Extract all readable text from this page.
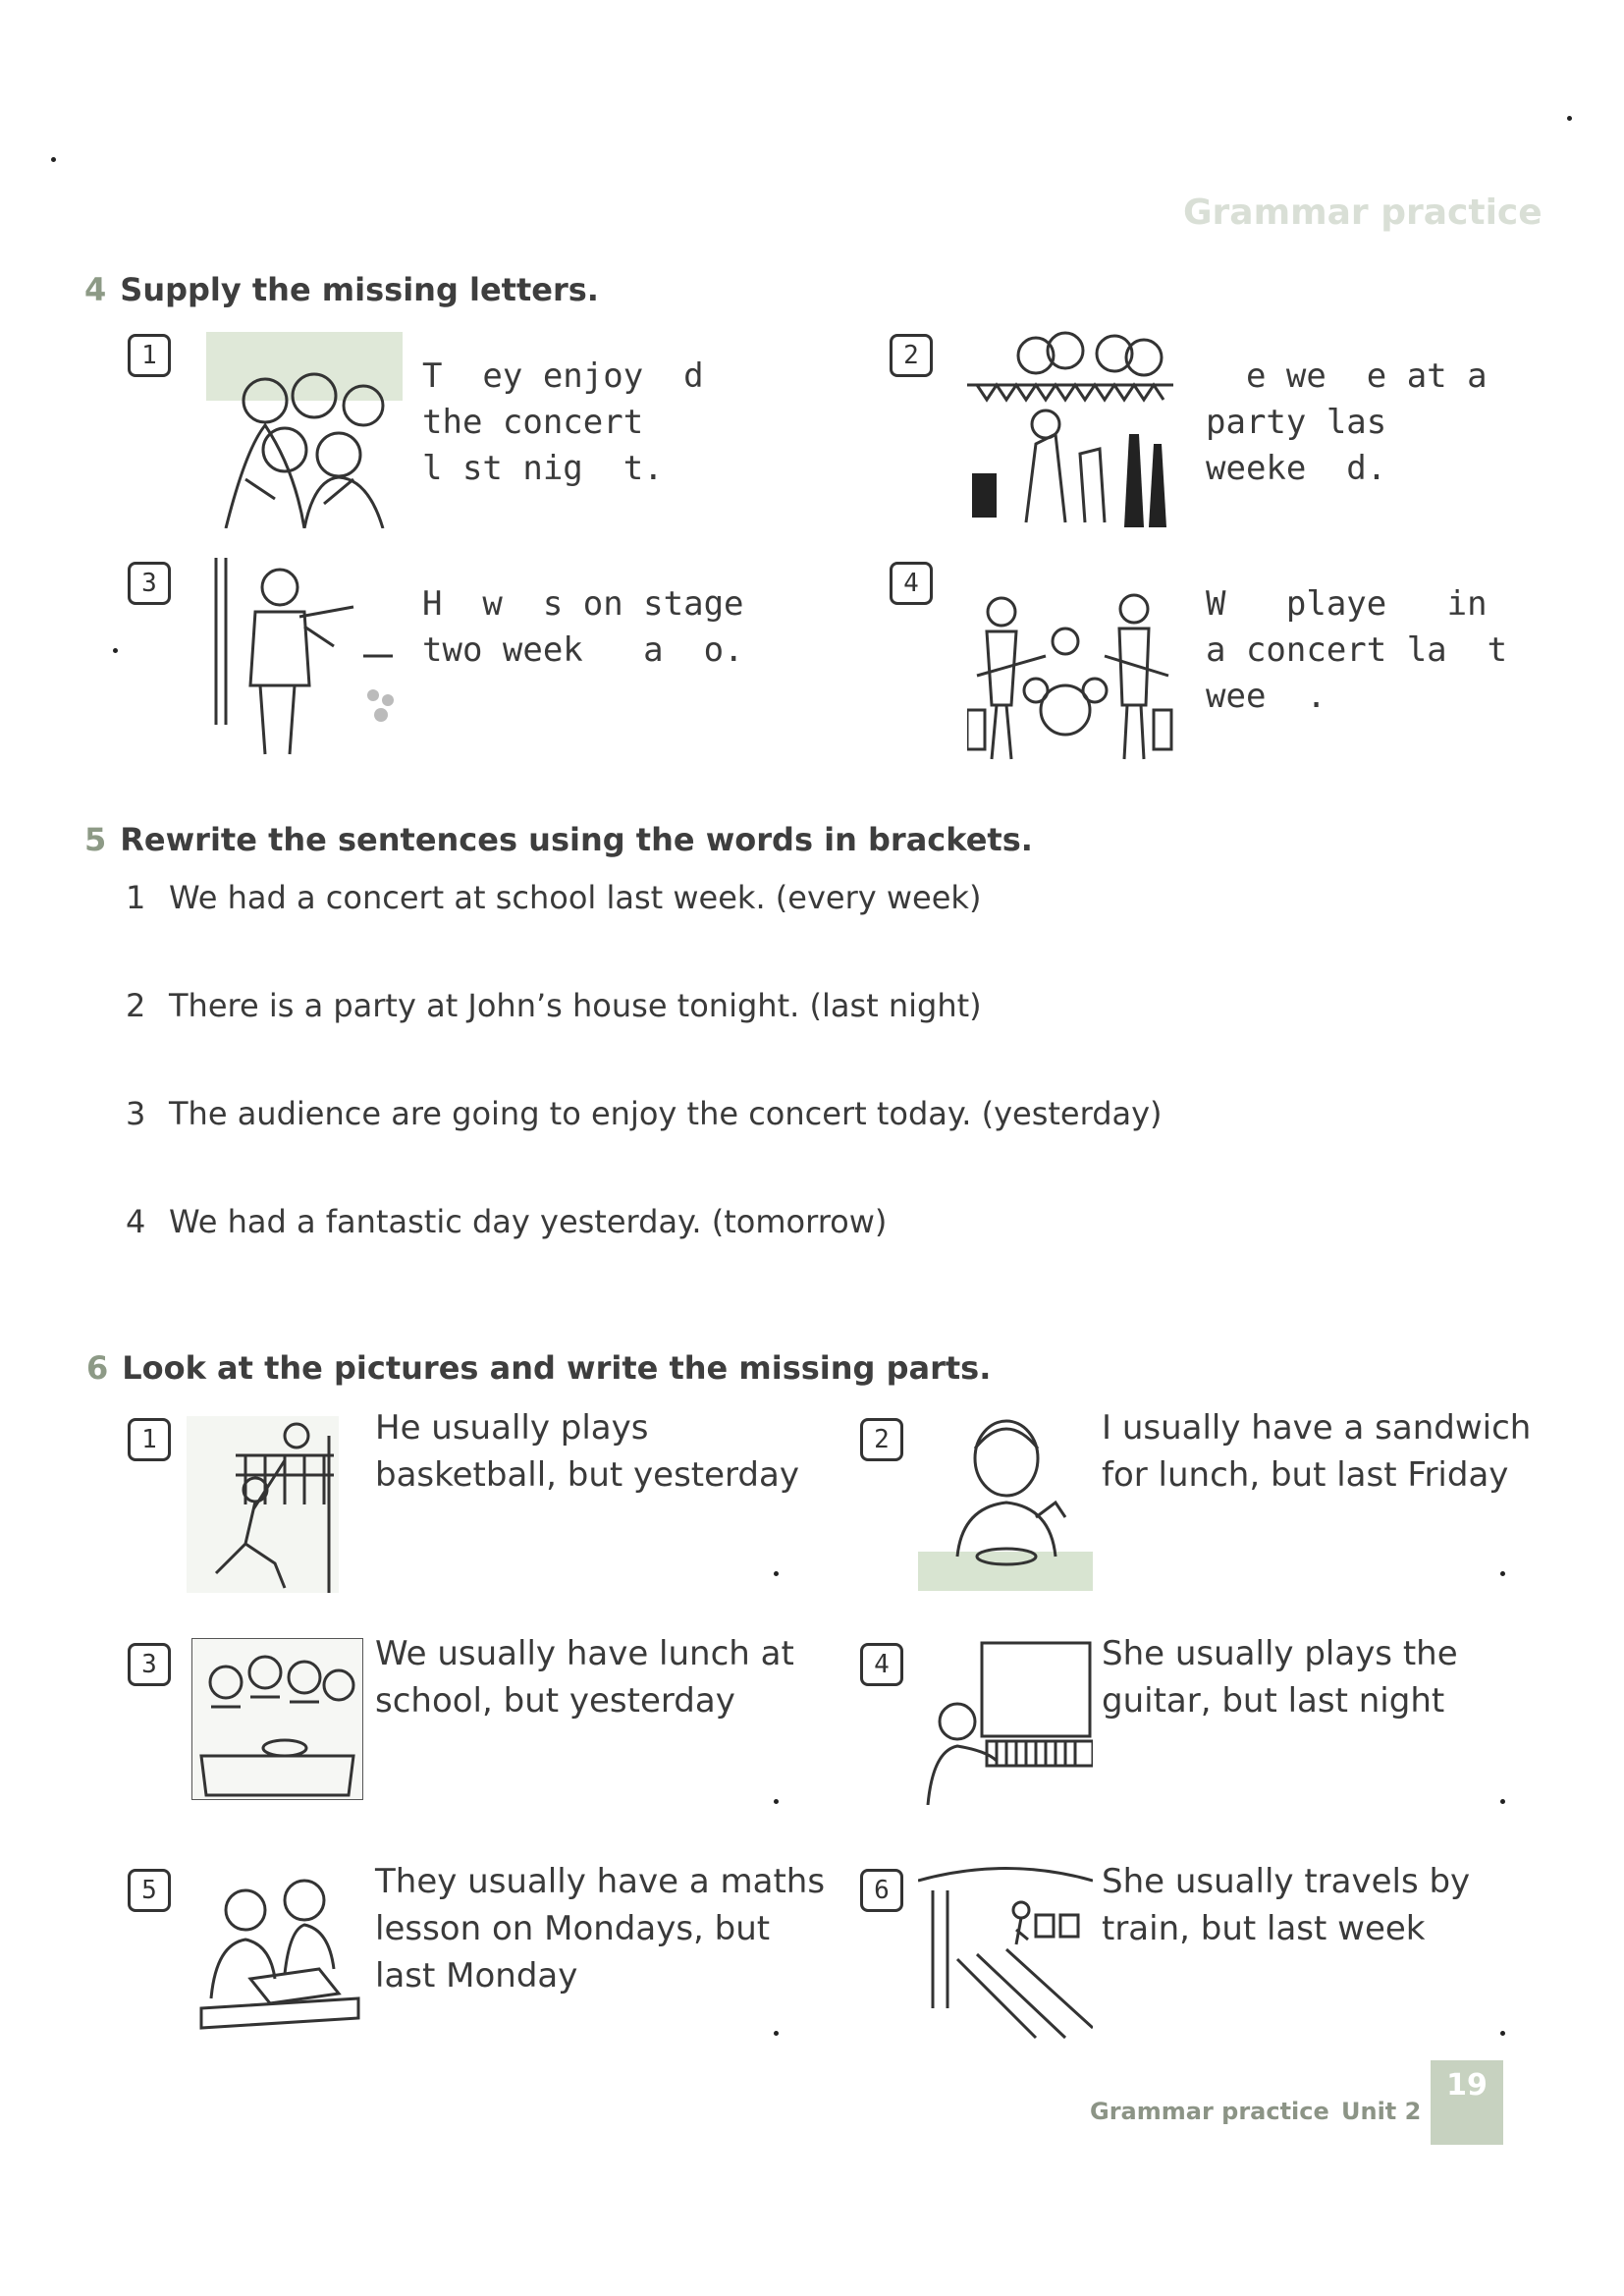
Grammar practice
4 Supply the missing letters.
1
T  ey enjoy  d
the concert
l st nig  t.
2
e we  e at a
party las
weeke  d.
3
H  w  s on stage
two week   a  o.
4
W   playe   in
a concert la  t
wee  .
5 Rewrite the sentences using the words in brackets.
1 We had a concert at school last week. (every week)
2 There is a party at John’s house tonight. (last night)
3 The audience are going to enjoy the concert today. (yesterday)
4 We had a fantastic day yesterday. (tomorrow)
6 Look at the pictures and write the missing parts.
1	He usually plays basketball, but yesterday
2	I usually have a sandwich for lunch, but last Friday
3	We usually have lunch at school, but yesterday
4	She usually plays the guitar, but last night
5	They usually have a maths lesson on Mondays, but last Monday
6	She usually travels by train, but last week
Grammar practice Unit 2
19
